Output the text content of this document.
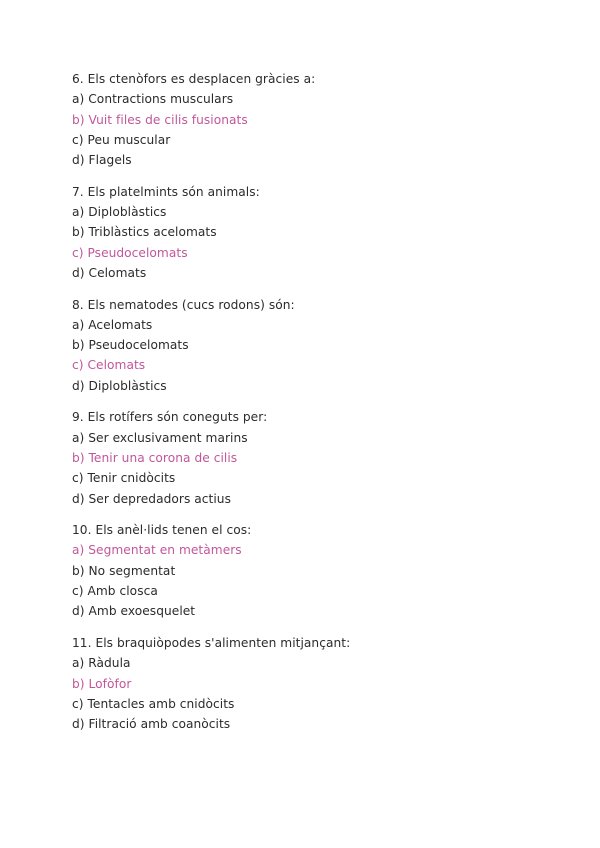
6. Els ctenòfors es desplacen gràcies a:
a) Contractions musculars
b) Vuit files de cilis fusionats
c) Peu muscular
d) Flagels
7. Els platelmints són animals:
a) Diploblàstics
b) Triblàstics acelomats
c) Pseudocelomats
d) Celomats
8. Els nematodes (cucs rodons) són:
a) Acelomats
b) Pseudocelomats
c) Celomats
d) Diploblàstics
9. Els rotífers són coneguts per:
a) Ser exclusivament marins
b) Tenir una corona de cilis
c) Tenir cnidòcits
d) Ser depredadors actius
10. Els anèl·lids tenen el cos:
a) Segmentat en metàmers
b) No segmentat
c) Amb closca
d) Amb exoesquelet
11. Els braquiòpodes s'alimenten mitjançant:
a) Ràdula
b) Lofòfor
c) Tentacles amb cnidòcits
d) Filtració amb coanòcits
